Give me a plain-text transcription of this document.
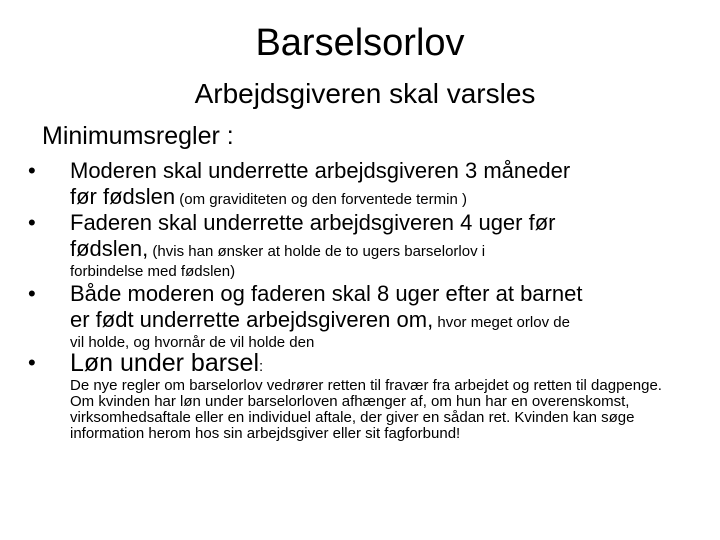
Barselsorlov
Arbejdsgiveren skal varsles
Minimumsregler :
• Moderen skal underrette arbejdsgiveren 3 måneder
før fødslen (om graviditeten og den forventede termin )
• Faderen skal underrette arbejdsgiveren 4 uger før
fødslen, (hvis han ønsker at holde de to ugers barselorlov i
forbindelse med fødslen)
• Både moderen og faderen skal 8 uger efter at barnet
er født underrette arbejdsgiveren om, hvor meget orlov de
vil holde, og hvornår de vil holde den
• Løn under barsel:
De nye regler om barselorlov vedrører retten til fravær fra arbejdet og retten til dagpenge. Om kvinden har løn under barselorloven afhænger af, om hun har en overenskomst, virksomhedsaftale eller en individuel aftale, der giver en sådan ret. Kvinden kan søge information herom hos sin arbejdsgiver eller sit fagforbund!
